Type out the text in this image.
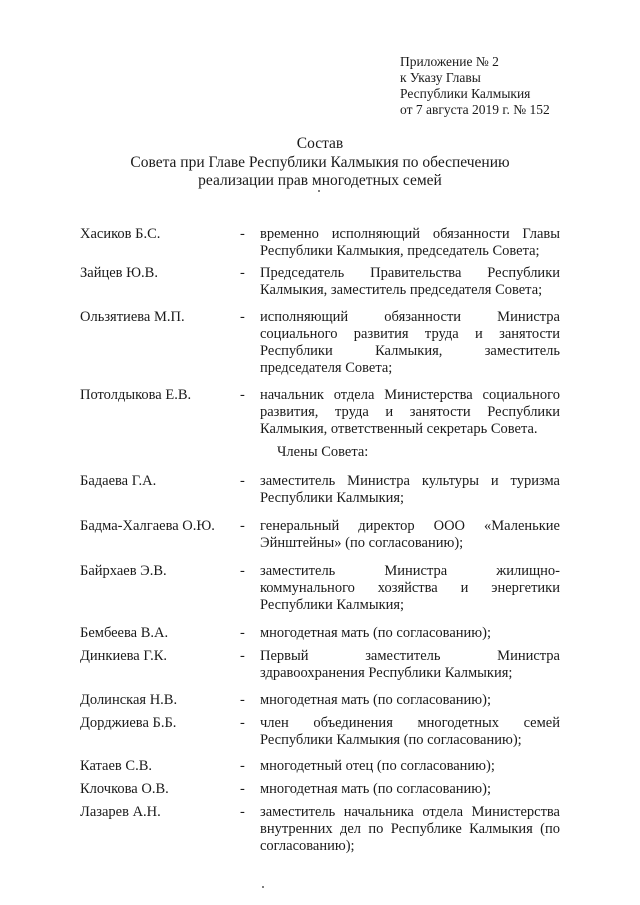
Приложение № 2
к Указу Главы
Республики Калмыкия
от 7 августа 2019 г. № 152
Состав
Совета при Главе Республики Калмыкия по обеспечению
реализации прав многодетных семей
Хасиков Б.С.	-	временно исполняющий обязанности Главы Республики Калмыкия, председатель Совета;
Зайцев Ю.В.	-	Председатель Правительства Республики Калмыкия, заместитель председателя Совета;
Ользятиева М.П.	-	исполняющий обязанности Министра социального развития труда и занятости Республики Калмыкия, заместитель председателя Совета;
Потолдыкова Е.В.	-	начальник отдела Министерства социального развития, труда и занятости Республики Калмыкия, ответственный секретарь Совета.
Члены Совета:
Бадаева Г.А.	-	заместитель Министра культуры и туризма Республики Калмыкия;
Бадма-Халгаева О.Ю.	-	генеральный директор ООО «Маленькие Эйнштейны» (по согласованию);
Байрхаев Э.В.	-	заместитель Министра жилищно-коммунального хозяйства и энергетики Республики Калмыкия;
Бембеева В.А.	-	многодетная мать (по согласованию);
Динкиева Г.К.	-	Первый заместитель Министра здравоохранения Республики Калмыкия;
Долинская Н.В.	-	многодетная мать (по согласованию);
Дорджиева Б.Б.	-	член объединения многодетных семей Республики Калмыкия (по согласованию);
Катаев С.В.	-	многодетный отец (по согласованию);
Клочкова О.В.	-	многодетная мать (по согласованию);
Лазарев А.Н.	-	заместитель начальника отдела Министерства внутренних дел по Республике Калмыкия (по согласованию);
